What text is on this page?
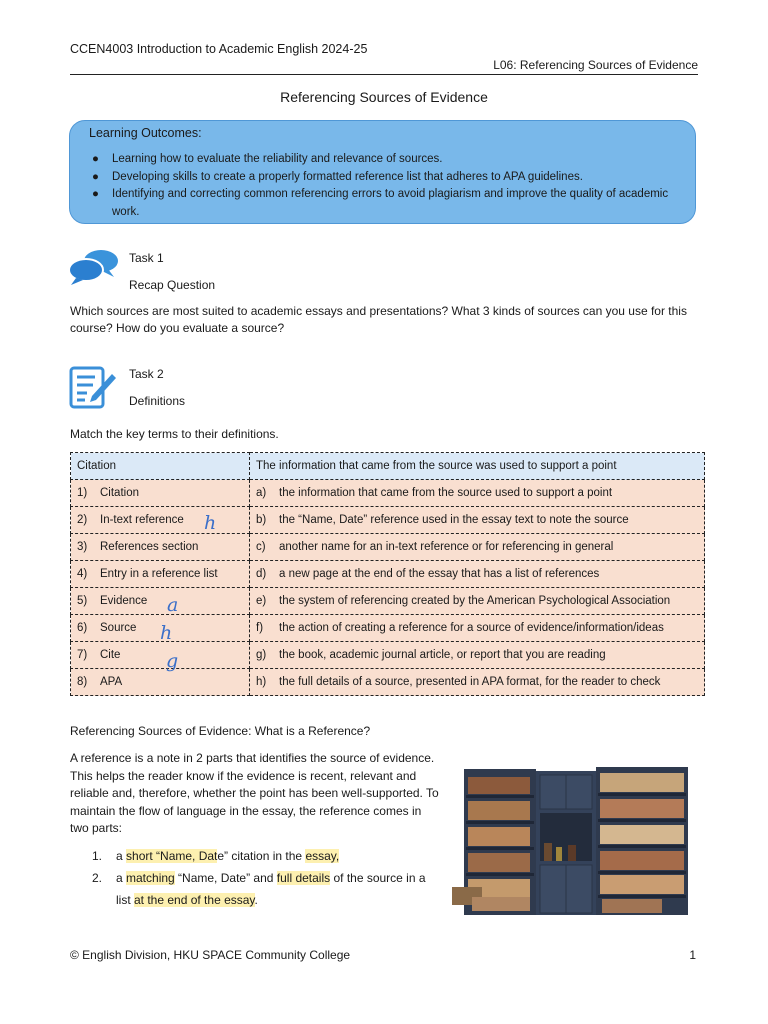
CCEN4003 Introduction to Academic English 2024-25
L06: Referencing Sources of Evidence
Referencing Sources of Evidence
Learning Outcomes:
● Learning how to evaluate the reliability and relevance of sources.
● Developing skills to create a properly formatted reference list that adheres to APA guidelines.
● Identifying and correcting common referencing errors to avoid plagiarism and improve the quality of academic work.
Task 1
Recap Question
Which sources are most suited to academic essays and presentations? What 3 kinds of sources can you use for this course? How do you evaluate a source?
Task 2
Definitions
Match the key terms to their definitions.
Citation	The information that came from the source was used to support a point
1) Citation	a) the information that came from the source used to support a point
2) In-text reference	b) the “Name, Date” reference used in the essay text to note the source
3) References section	c) another name for an in-text reference or for referencing in general
4) Entry in a reference list	d) a new page at the end of the essay that has a list of references
5) Evidence	e) the system of referencing created by the American Psychological Association
6) Source	f) the action of creating a reference for a source of evidence/information/ideas
7) Cite	g) the book, academic journal article, or report that you are reading
8) APA	h) the full details of a source, presented in APA format, for the reader to check
h
a
h
g
Referencing Sources of Evidence: What is a Reference?
A reference is a note in 2 parts that identifies the source of evidence. This helps the reader know if the evidence is recent, relevant and reliable and, therefore, whether the point has been well-supported. To maintain the flow of language in the essay, the reference comes in two parts:
1. a short “Name, Date” citation in the essay,
2. a matching “Name, Date” and full details of the source in a list at the end of the essay.
© English Division, HKU SPACE Community College	1
